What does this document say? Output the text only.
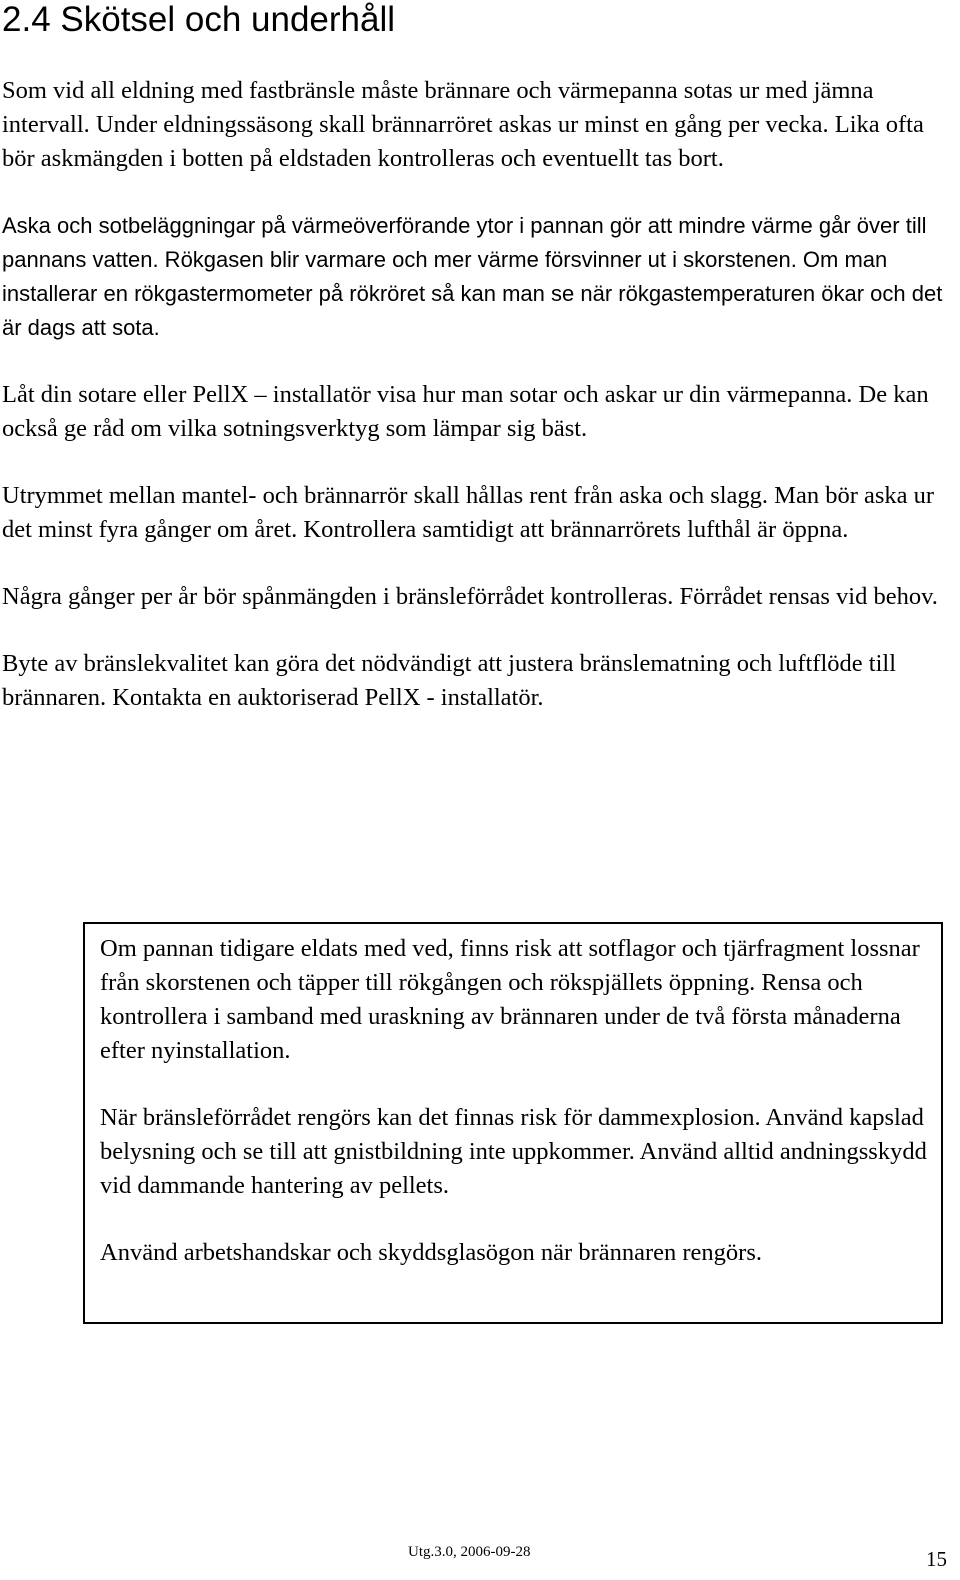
2.4 Skötsel och underhåll

Som vid all eldning med fastbränsle måste brännare och värmepanna sotas ur med jämna intervall. Under eldningssäsong skall brännarröret askas ur minst en gång per vecka. Lika ofta bör askmängden i botten på eldstaden kontrolleras och eventuellt tas bort.

Aska och sotbeläggningar på värmeöverförande ytor i pannan gör att mindre värme går över till pannans vatten. Rökgasen blir varmare och mer värme försvinner ut i skorstenen. Om man installerar en rökgastermometer på rökröret så kan man se när rökgastemperaturen ökar och det är dags att sota.

Låt din sotare eller PellX – installatör visa hur man sotar och askar ur din värmepanna. De kan också ge råd om vilka sotningsverktyg som lämpar sig bäst.

Utrymmet mellan mantel- och brännarrör skall hållas rent från aska och slagg. Man bör aska ur det minst fyra gånger om året. Kontrollera samtidigt att brännarrörets lufthål är öppna.

Några gånger per år bör spånmängden i bränsleförrådet kontrolleras. Förrådet rensas vid behov.

Byte av bränslekvalitet kan göra det nödvändigt att justera bränslematning och luftflöde till brännaren. Kontakta en auktoriserad PellX - installatör.

Om pannan tidigare eldats med ved, finns risk att sotflagor och tjärfragment lossnar från skorstenen och täpper till rökgången och rökspjällets öppning. Rensa och kontrollera i samband med uraskning av brännaren under de två första månaderna efter nyinstallation.

När bränsleförrådet rengörs kan det finnas risk för dammexplosion. Använd kapslad belysning och se till att gnistbildning inte uppkommer. Använd alltid andningsskydd vid dammande hantering av pellets.

Använd arbetshandskar och skyddsglasögon när brännaren rengörs.

Utg.3.0, 2006-09-28	15
